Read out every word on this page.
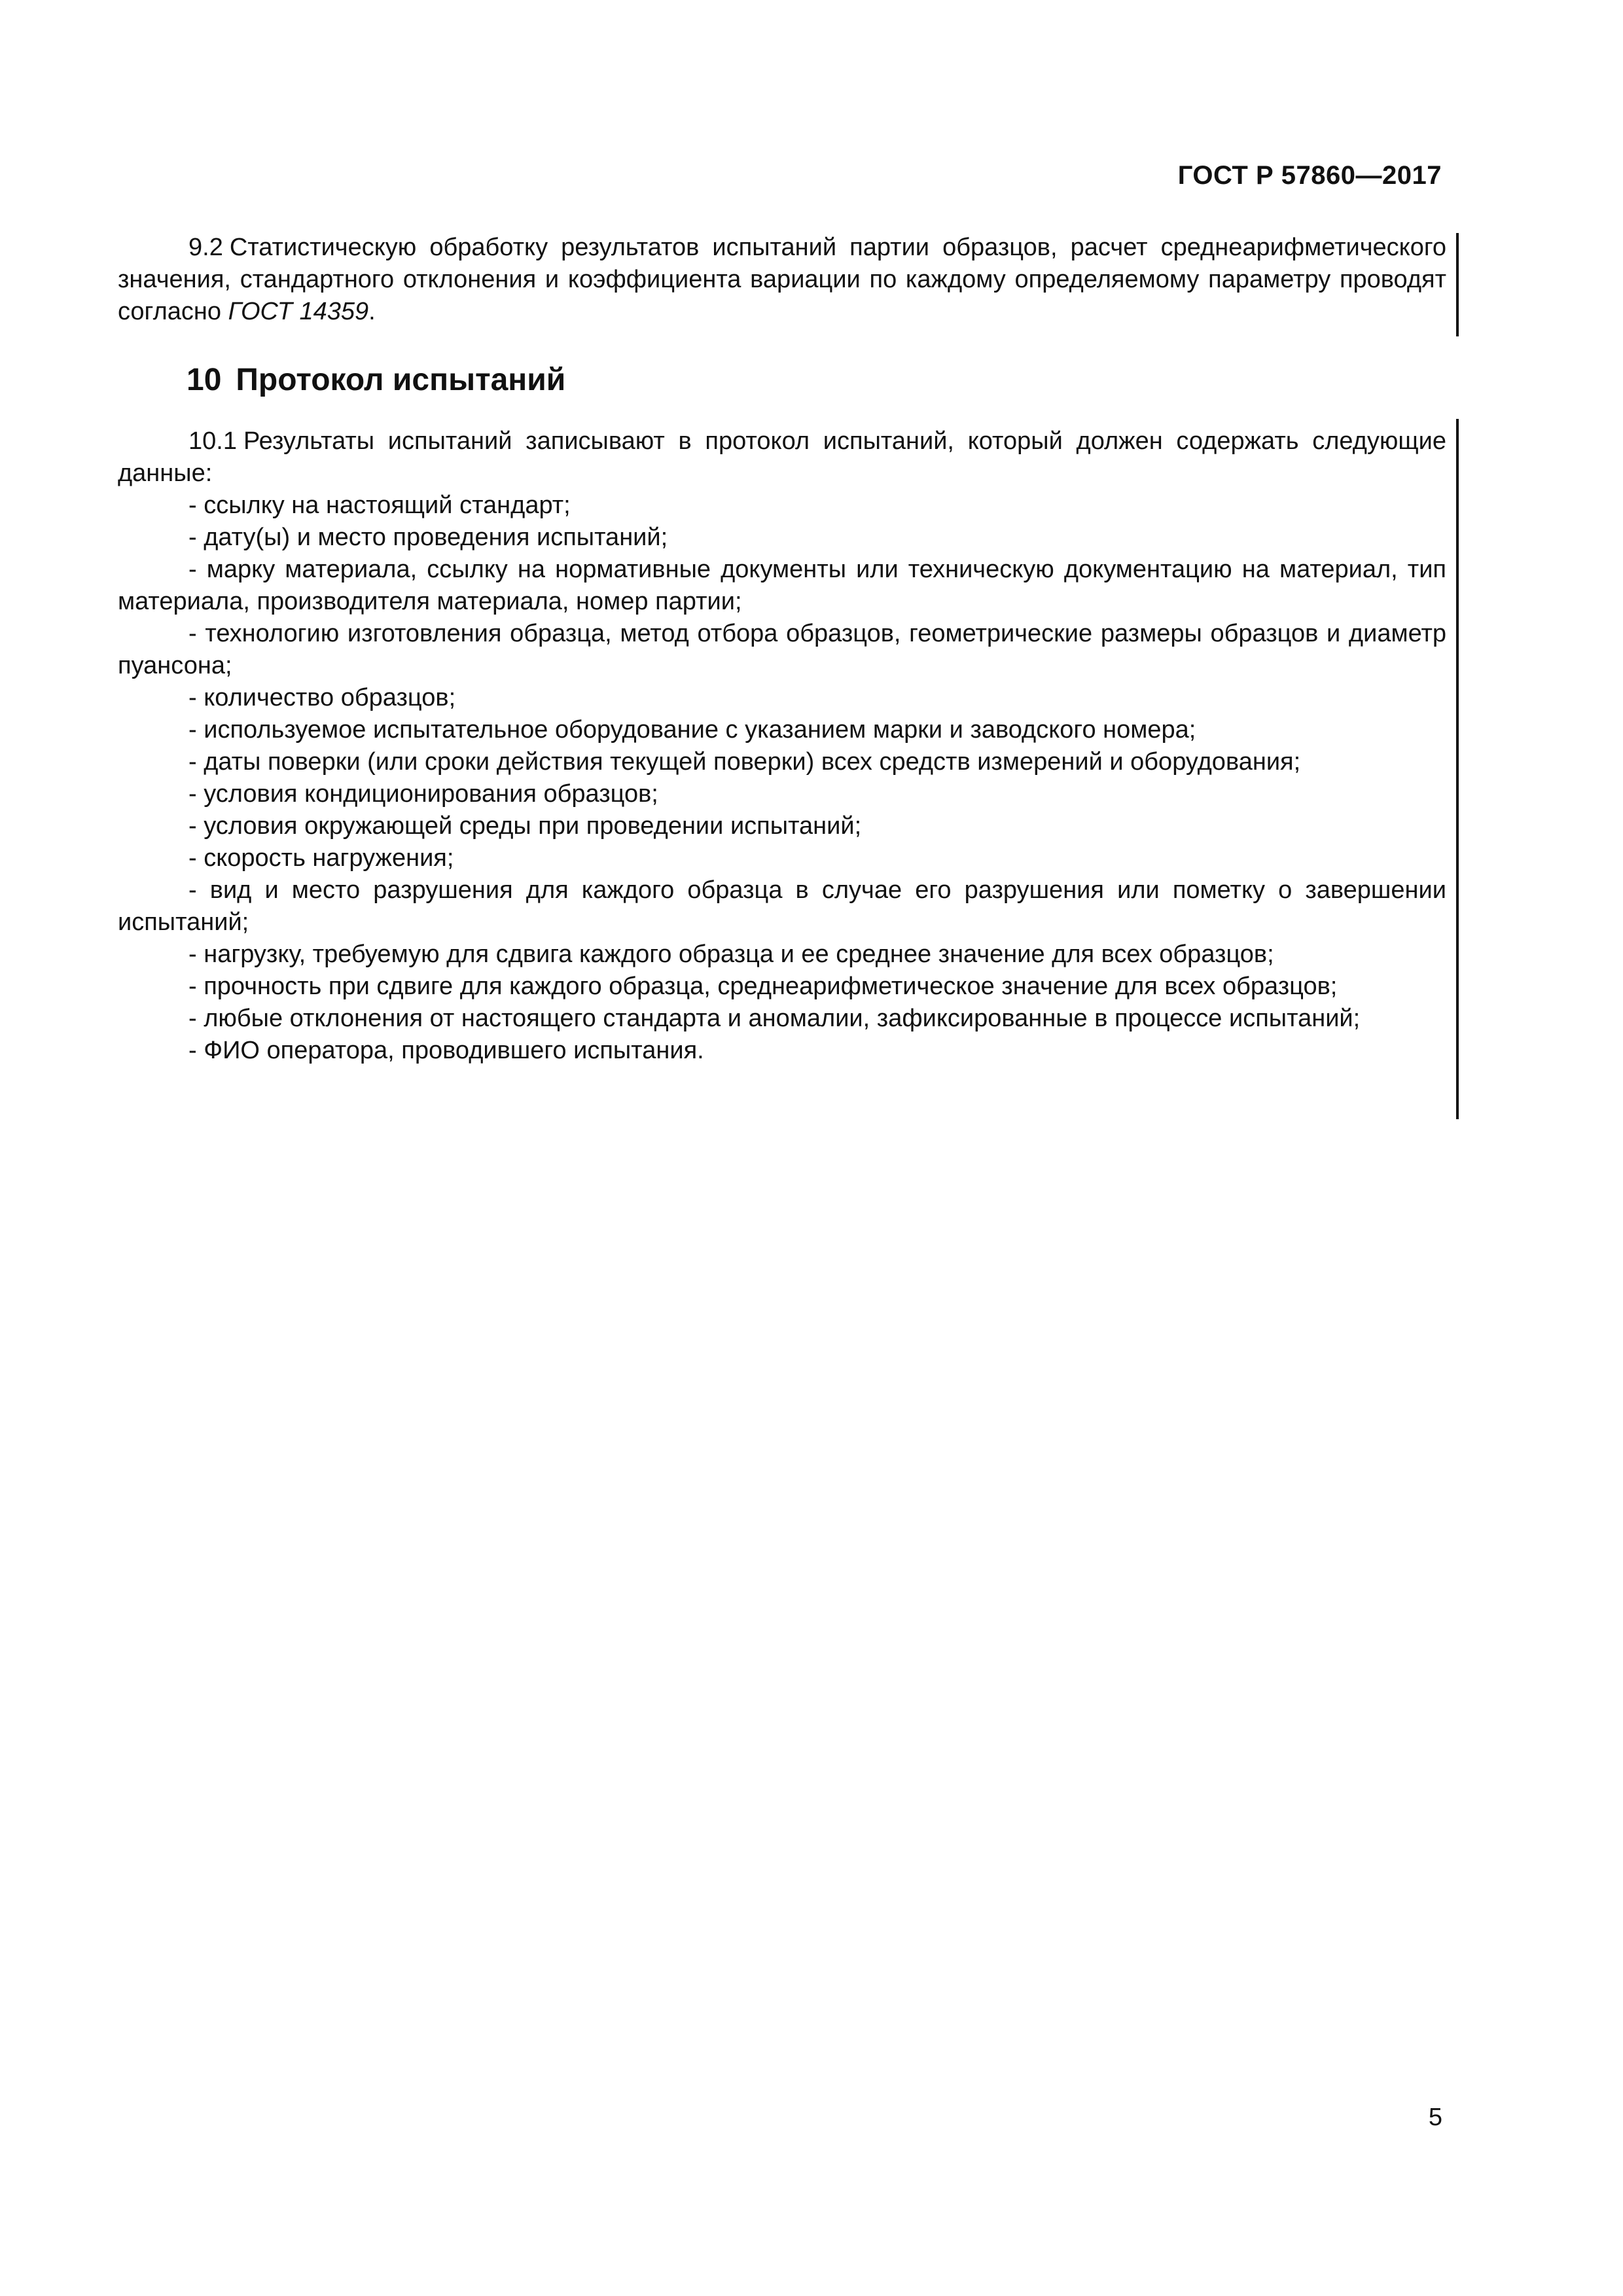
ГОСТ Р 57860—2017

9.2 Статистическую обработку результатов испытаний партии образцов, расчет среднеарифметического значения, стандартного отклонения и коэффициента вариации по каждому определяемому параметру проводят согласно ГОСТ 14359.

10 Протокол испытаний

10.1 Результаты испытаний записывают в протокол испытаний, который должен содержать следующие данные:

- ссылку на настоящий стандарт;

- дату(ы) и место проведения испытаний;

- марку материала, ссылку на нормативные документы или техническую документацию на материал, тип материала, производителя материала, номер партии;

- технологию изготовления образца, метод отбора образцов, геометрические размеры образцов и диаметр пуансона;

- количество образцов;

- используемое испытательное оборудование с указанием марки и заводского номера;

- даты поверки (или сроки действия текущей поверки) всех средств измерений и оборудования;

- условия кондиционирования образцов;

- условия окружающей среды при проведении испытаний;

- скорость нагружения;

- вид и место разрушения для каждого образца в случае его разрушения или пометку о завершении испытаний;

- нагрузку, требуемую для сдвига каждого образца и ее среднее значение для всех образцов;

- прочность при сдвиге для каждого образца, среднеарифметическое значение для всех образцов;

- любые отклонения от настоящего стандарта и аномалии, зафиксированные в процессе испытаний;

- ФИО оператора, проводившего испытания.

5
